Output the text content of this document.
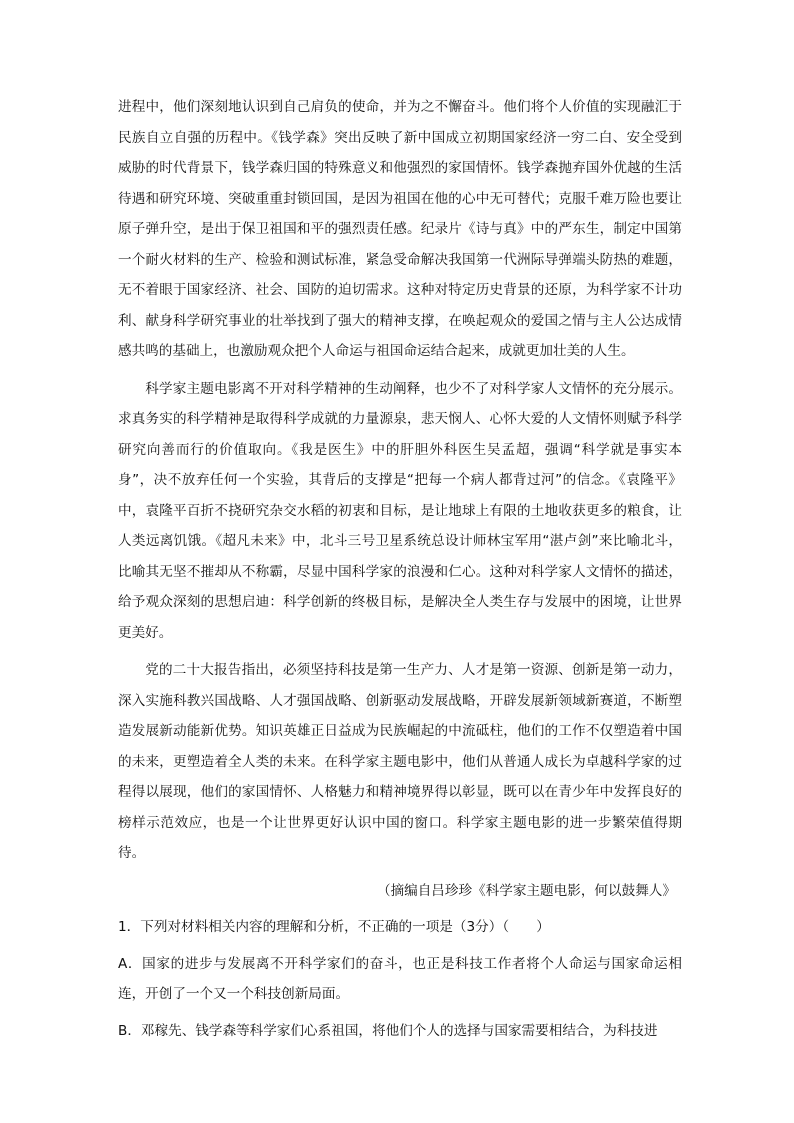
进程中，他们深刻地认识到自己肩负的使命，并为之不懈奋斗。他们将个人价值的实现融汇于民族自立自强的历程中。《钱学森》突出反映了新中国成立初期国家经济一穷二白、安全受到威胁的时代背景下，钱学森归国的特殊意义和他强烈的家国情怀。钱学森抛弃国外优越的生活待遇和研究环境、突破重重封锁回国，是因为祖国在他的心中无可替代；克服千难万险也要让原子弹升空，是出于保卫祖国和平的强烈责任感。纪录片《诗与真》中的严东生，制定中国第一个耐火材料的生产、检验和测试标准，紧急受命解决我国第一代洲际导弹端头防热的难题，无不着眼于国家经济、社会、国防的迫切需求。这种对特定历史背景的还原，为科学家不计功利、献身科学研究事业的壮举找到了强大的精神支撑，在唤起观众的爱国之情与主人公达成情感共鸣的基础上，也激励观众把个人命运与祖国命运结合起来，成就更加壮美的人生。

科学家主题电影离不开对科学精神的生动阐释，也少不了对科学家人文情怀的充分展示。求真务实的科学精神是取得科学成就的力量源泉，悲天悯人、心怀大爱的人文情怀则赋予科学研究向善而行的价值取向。《我是医生》中的肝胆外科医生吴孟超，强调“科学就是事实本身”，决不放弃任何一个实验，其背后的支撑是“把每一个病人都背过河”的信念。《袁隆平》中，袁隆平百折不挠研究杂交水稻的初衷和目标，是让地球上有限的土地收获更多的粮食，让人类远离饥饿。《超凡未来》中，北斗三号卫星系统总设计师林宝军用“湛卢剑”来比喻北斗，比喻其无坚不摧却从不称霸，尽显中国科学家的浪漫和仁心。这种对科学家人文情怀的描述，给予观众深刻的思想启迪：科学创新的终极目标，是解决全人类生存与发展中的困境，让世界更美好。

党的二十大报告指出，必须坚持科技是第一生产力、人才是第一资源、创新是第一动力，深入实施科教兴国战略、人才强国战略、创新驱动发展战略，开辟发展新领域新赛道，不断塑造发展新动能新优势。知识英雄正日益成为民族崛起的中流砥柱，他们的工作不仅塑造着中国的未来，更塑造着全人类的未来。在科学家主题电影中，他们从普通人成长为卓越科学家的过程得以展现，他们的家国情怀、人格魅力和精神境界得以彰显，既可以在青少年中发挥良好的榜样示范效应，也是一个让世界更好认识中国的窗口。科学家主题电影的进一步繁荣值得期待。

（摘编自吕珍珍《科学家主题电影，何以鼓舞人》

1．下列对材料相关内容的理解和分析，不正确的一项是（3分）（　　）

A．国家的进步与发展离不开科学家们的奋斗，也正是科技工作者将个人命运与国家命运相连，开创了一个又一个科技创新局面。

B．邓稼先、钱学森等科学家们心系祖国，将他们个人的选择与国家需要相结合，为科技进
